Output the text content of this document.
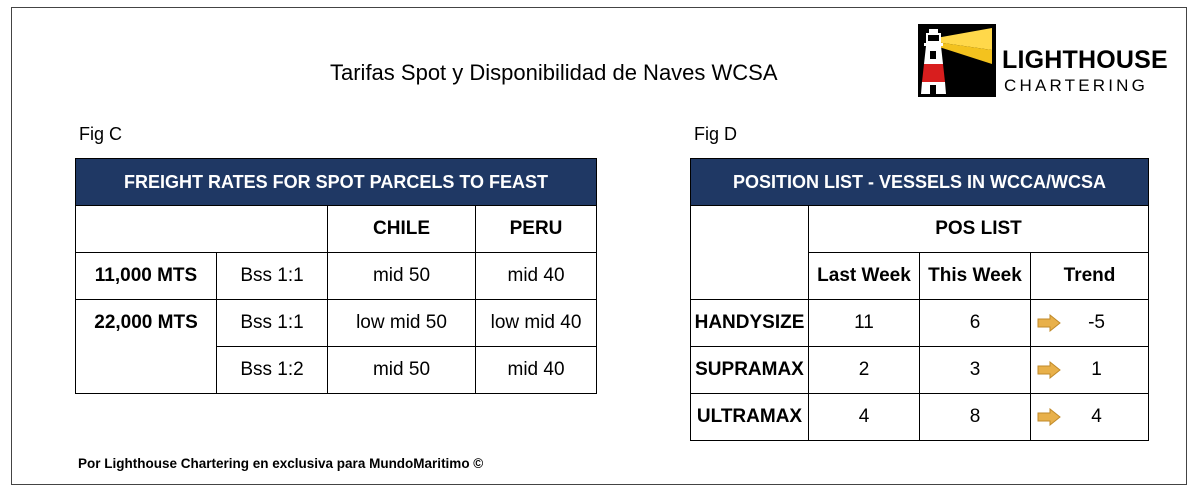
Tarifas Spot y Disponibilidad de Naves WCSA	LIGHTHOUSE
CHARTERING
Fig C	Fig D
FREIGHT RATES FOR SPOT PARCELS TO FEAST			
		CHILE	PERU
11,000 MTS	Bss 1:1	mid 50	mid 40
22,000 MTS	Bss 1:1	low mid 50	low mid 40
	Bss 1:2	mid 50	mid 40
POSITION LIST - VESSELS IN WCCA/WCSA			
	POS LIST		
	Last Week	This Week	Trend
HANDYSIZE	11	6	-5
SUPRAMAX	2	3	1
ULTRAMAX	4	8	4
Por Lighthouse Chartering en exclusiva para MundoMaritimo ©
